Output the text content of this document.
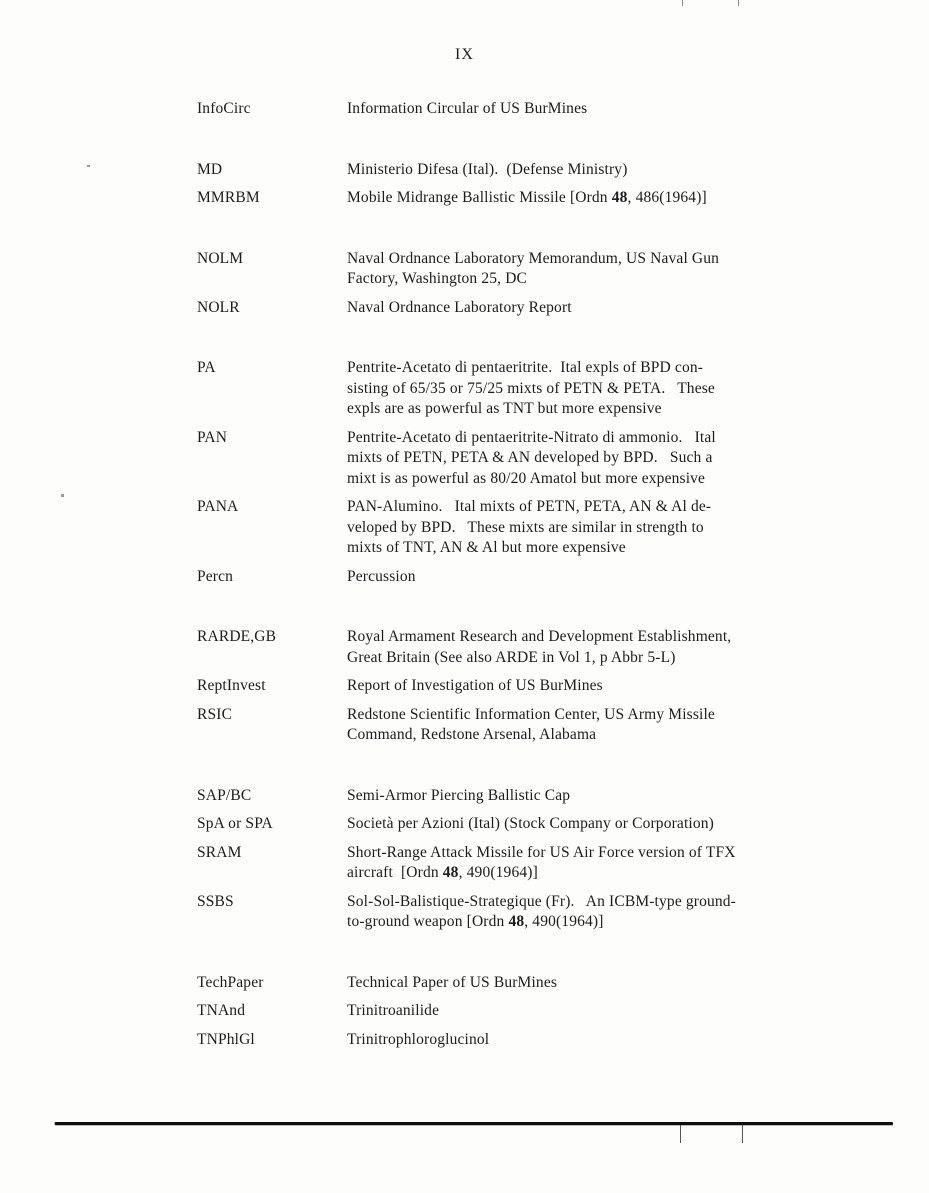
IX
InfoCirc	Information Circular of US BurMines
MD	Ministerio Difesa (Ital).  (Defense Ministry)
MMRBM	Mobile Midrange Ballistic Missile [Ordn 48, 486(1964)]
NOLM	Naval Ordnance Laboratory Memorandum, US Naval Gun
Factory, Washington 25, DC
NOLR	Naval Ordnance Laboratory Report
PA	Pentrite-Acetato di pentaeritrite.  Ital expls of BPD con-
sisting of 65/35 or 75/25 mixts of PETN & PETA.   These
expls are as powerful as TNT but more expensive
PAN	Pentrite-Acetato di pentaeritrite-Nitrato di ammonio.   Ital
mixts of PETN, PETA & AN developed by BPD.   Such a
mixt is as powerful as 80/20 Amatol but more expensive
PANA	PAN-Alumino.   Ital mixts of PETN, PETA, AN & Al de-
veloped by BPD.   These mixts are similar in strength to
mixts of TNT, AN & Al but more expensive
Percn	Percussion
RARDE,GB	Royal Armament Research and Development Establishment,
Great Britain (See also ARDE in Vol 1, p Abbr 5-L)
ReptInvest	Report of Investigation of US BurMines
RSIC	Redstone Scientific Information Center, US Army Missile
Command, Redstone Arsenal, Alabama
SAP/BC	Semi-Armor Piercing Ballistic Cap
SpA or SPA	Società per Azioni (Ital) (Stock Company or Corporation)
SRAM	Short-Range Attack Missile for US Air Force version of TFX
aircraft  [Ordn 48, 490(1964)]
SSBS	Sol-Sol-Balistique-Strategique (Fr).   An ICBM-type ground-
to-ground weapon [Ordn 48, 490(1964)]
TechPaper	Technical Paper of US BurMines
TNAnd	Trinitroanilide
TNPhlGl	Trinitrophloroglucinol
